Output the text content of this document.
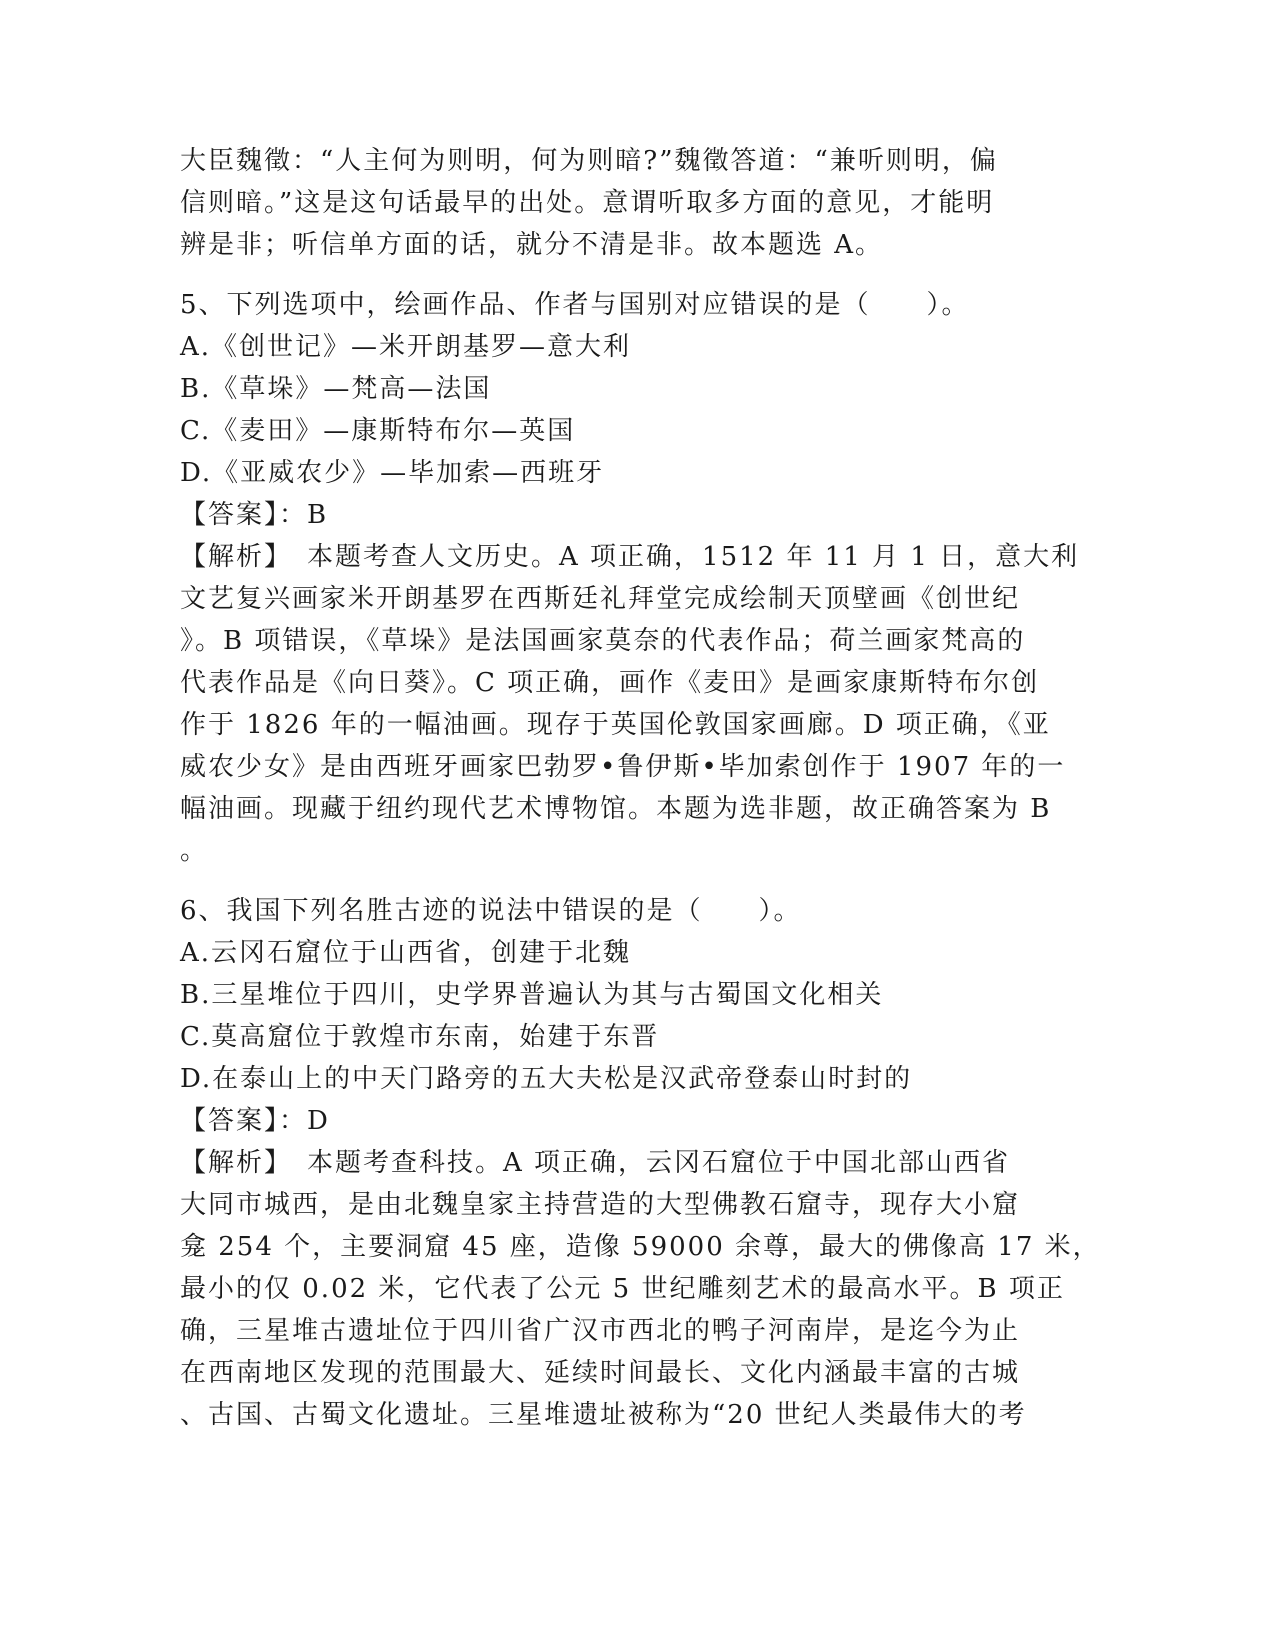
大臣魏徵：“人主何为则明，何为则暗?”魏徵答道：“兼听则明，偏
信则暗。”这是这句话最早的出处。意谓听取多方面的意见，才能明
辨是非；听信单方面的话，就分不清是非。故本题选 A。
5、下列选项中，绘画作品、作者与国别对应错误的是（　　）。
A.《创世记》—米开朗基罗—意大利
B.《草垛》—梵高—法国
C.《麦田》—康斯特布尔—英国
D.《亚威农少》—毕加索—西班牙
【答案】：B
【解析】　本题考查人文历史。A 项正确，1512 年 11 月 1 日，意大利
文艺复兴画家米开朗基罗在西斯廷礼拜堂完成绘制天顶壁画《创世纪
》。B 项错误，《草垛》是法国画家莫奈的代表作品；荷兰画家梵高的
代表作品是《向日葵》。C 项正确，画作《麦田》是画家康斯特布尔创
作于 1826 年的一幅油画。现存于英国伦敦国家画廊。D 项正确，《亚
威农少女》是由西班牙画家巴勃罗•鲁伊斯•毕加索创作于 1907 年的一
幅油画。现藏于纽约现代艺术博物馆。本题为选非题，故正确答案为 B
。
6、我国下列名胜古迹的说法中错误的是（　　）。
A.云冈石窟位于山西省，创建于北魏
B.三星堆位于四川，史学界普遍认为其与古蜀国文化相关
C.莫高窟位于敦煌市东南，始建于东晋
D.在泰山上的中天门路旁的五大夫松是汉武帝登泰山时封的
【答案】：D
【解析】　本题考查科技。A 项正确，云冈石窟位于中国北部山西省
大同市城西，是由北魏皇家主持营造的大型佛教石窟寺，现存大小窟
龛 254 个，主要洞窟 45 座，造像 59000 余尊，最大的佛像高 17 米，
最小的仅 0.02 米，它代表了公元 5 世纪雕刻艺术的最高水平。B 项正
确，三星堆古遗址位于四川省广汉市西北的鸭子河南岸，是迄今为止
在西南地区发现的范围最大、延续时间最长、文化内涵最丰富的古城
、古国、古蜀文化遗址。三星堆遗址被称为“20 世纪人类最伟大的考
